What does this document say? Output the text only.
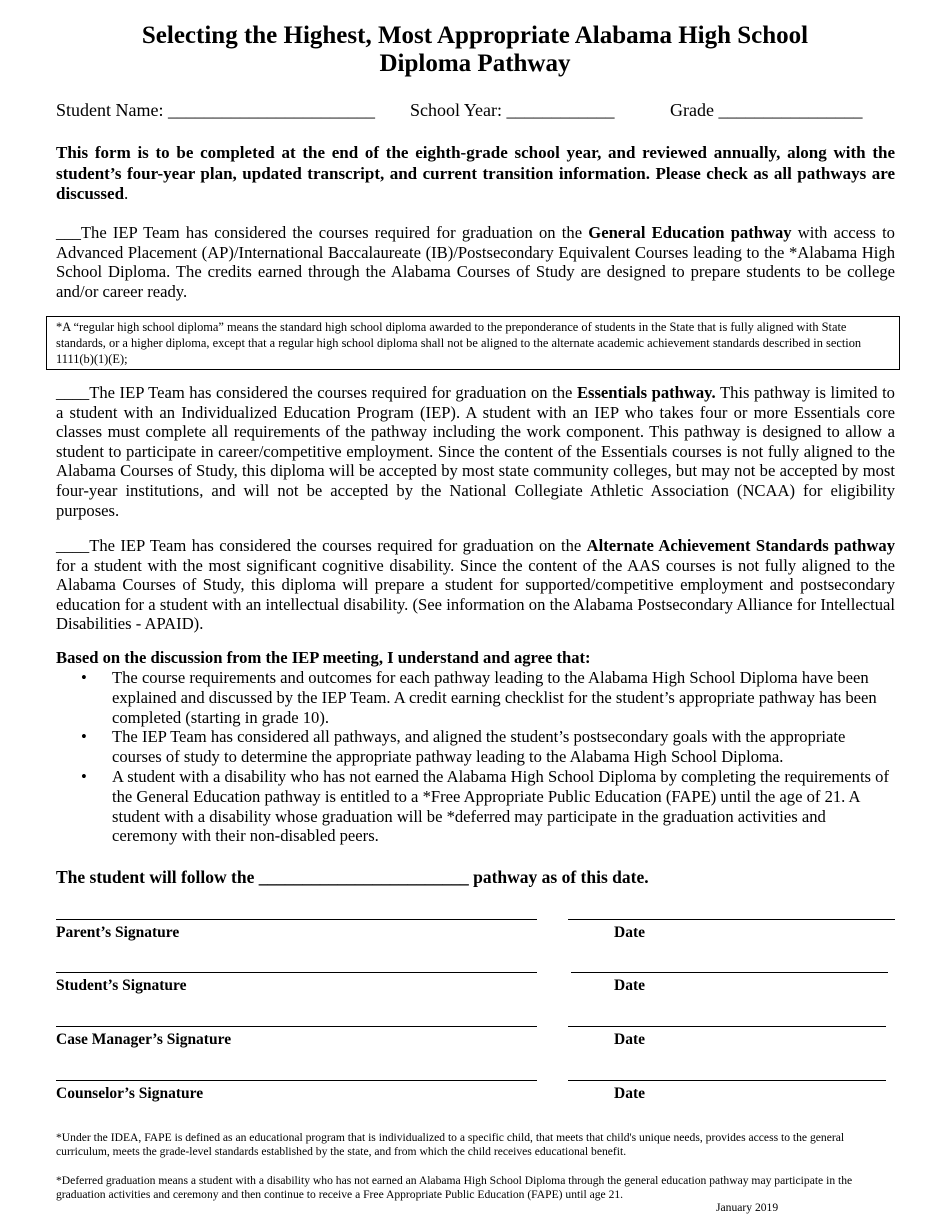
Selecting the Highest, Most Appropriate Alabama High School
Diploma Pathway
Student Name: _______________________ School Year: ____________	Grade ________________
This form is to be completed at the end of the eighth-grade school year, and reviewed annually, along with the student’s four-year plan, updated transcript, and current transition information. Please check as all pathways are discussed.
___The IEP Team has considered the courses required for graduation on the General Education pathway with access to Advanced Placement (AP)/International Baccalaureate (IB)/Postsecondary Equivalent Courses leading to the *Alabama High School Diploma. The credits earned through the Alabama Courses of Study are designed to prepare students to be college and/or career ready.
*A “regular high school diploma” means the standard high school diploma awarded to the preponderance of students in the State that is fully aligned with State standards, or a higher diploma, except that a regular high school diploma shall not be aligned to the alternate academic achievement standards described in section 1111(b)(1)(E);
____The IEP Team has considered the courses required for graduation on the Essentials pathway. This pathway is limited to a student with an Individualized Education Program (IEP). A student with an IEP who takes four or more Essentials core classes must complete all requirements of the pathway including the work component. This pathway is designed to allow a student to participate in career/competitive employment. Since the content of the Essentials courses is not fully aligned to the Alabama Courses of Study, this diploma will be accepted by most state community colleges, but may not be accepted by most four-year institutions, and will not be accepted by the National Collegiate Athletic Association (NCAA) for eligibility purposes.
____The IEP Team has considered the courses required for graduation on the Alternate Achievement Standards pathway for a student with the most significant cognitive disability. Since the content of the AAS courses is not fully aligned to the Alabama Courses of Study, this diploma will prepare a student for supported/competitive employment and postsecondary education for a student with an intellectual disability. (See information on the Alabama Postsecondary Alliance for Intellectual Disabilities - APAID).
Based on the discussion from the IEP meeting, I understand and agree that:
• The course requirements and outcomes for each pathway leading to the Alabama High School Diploma have been explained and discussed by the IEP Team. A credit earning checklist for the student’s appropriate pathway has been completed (starting in grade 10).
• The IEP Team has considered all pathways, and aligned the student’s postsecondary goals with the appropriate courses of study to determine the appropriate pathway leading to the Alabama High School Diploma.
• A student with a disability who has not earned the Alabama High School Diploma by completing the requirements of the General Education pathway is entitled to a *Free Appropriate Public Education (FAPE) until the age of 21. A student with a disability whose graduation will be *deferred may participate in the graduation activities and ceremony with their non-disabled peers.
The student will follow the ________________________ pathway as of this date.
Parent’s Signature	Date
Student’s Signature	Date
Case Manager’s Signature	Date
Counselor’s Signature	Date
*Under the IDEA, FAPE is defined as an educational program that is individualized to a specific child, that meets that child's unique needs, provides access to the general curriculum, meets the grade-level standards established by the state, and from which the child receives educational benefit.
*Deferred graduation means a student with a disability who has not earned an Alabama High School Diploma through the general education pathway may participate in the graduation activities and ceremony and then continue to receive a Free Appropriate Public Education (FAPE) until age 21.
January 2019
